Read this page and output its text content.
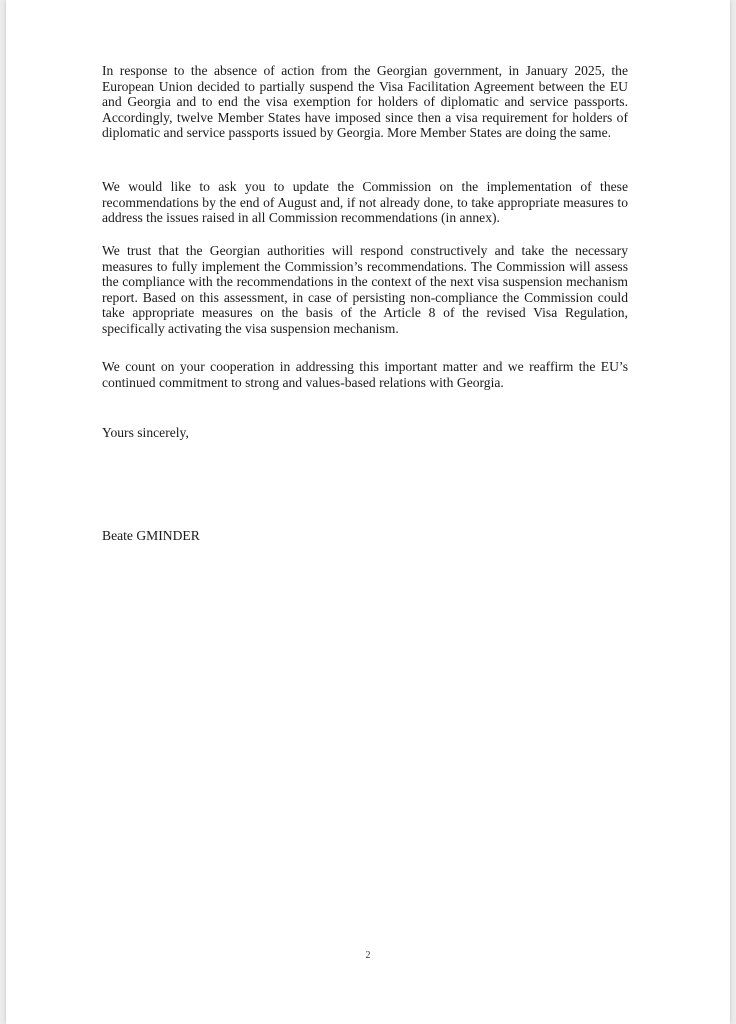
In response to the absence of action from the Georgian government, in January 2025, the European Union decided to partially suspend the Visa Facilitation Agreement between the EU and Georgia and to end the visa exemption for holders of diplomatic and service passports. Accordingly, twelve Member States have imposed since then a visa requirement for holders of diplomatic and service passports issued by Georgia. More Member States are doing the same.

We would like to ask you to update the Commission on the implementation of these recommendations by the end of August and, if not already done, to take appropriate measures to address the issues raised in all Commission recommendations (in annex).

We trust that the Georgian authorities will respond constructively and take the necessary measures to fully implement the Commission’s recommendations. The Commission will assess the compliance with the recommendations in the context of the next visa suspension mechanism report. Based on this assessment, in case of persisting non-compliance the Commission could take appropriate measures on the basis of the Article 8 of the revised Visa Regulation, specifically activating the visa suspension mechanism.

We count on your cooperation in addressing this important matter and we reaffirm the EU’s continued commitment to strong and values-based relations with Georgia.

Yours sincerely,

Beate GMINDER

2
